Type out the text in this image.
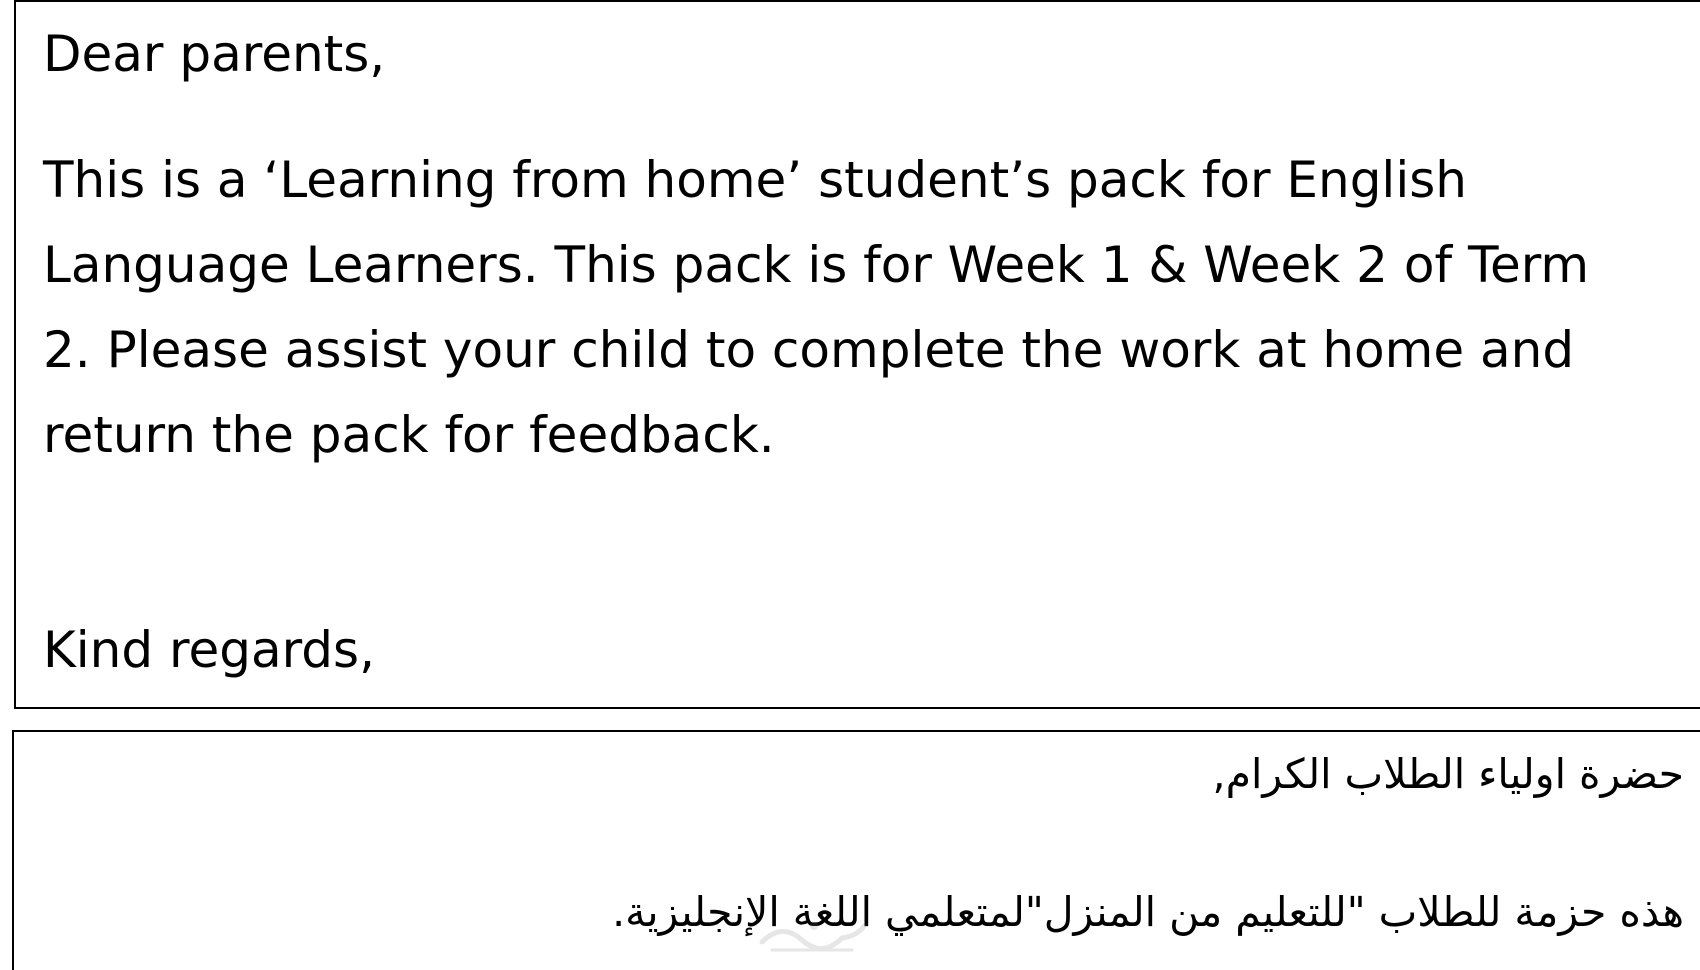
Dear parents,
This is a ‘Learning from home’ student’s pack for English
Language Learners. This pack is for Week 1 & Week 2 of Term
2. Please assist your child to complete the work at home and
return the pack for feedback.
Kind regards,
حضرة اولياء الطلاب الكرام,
هذه حزمة للطلاب "للتعليم من المنزل"لمتعلمي اللغة الإنجليزية.
